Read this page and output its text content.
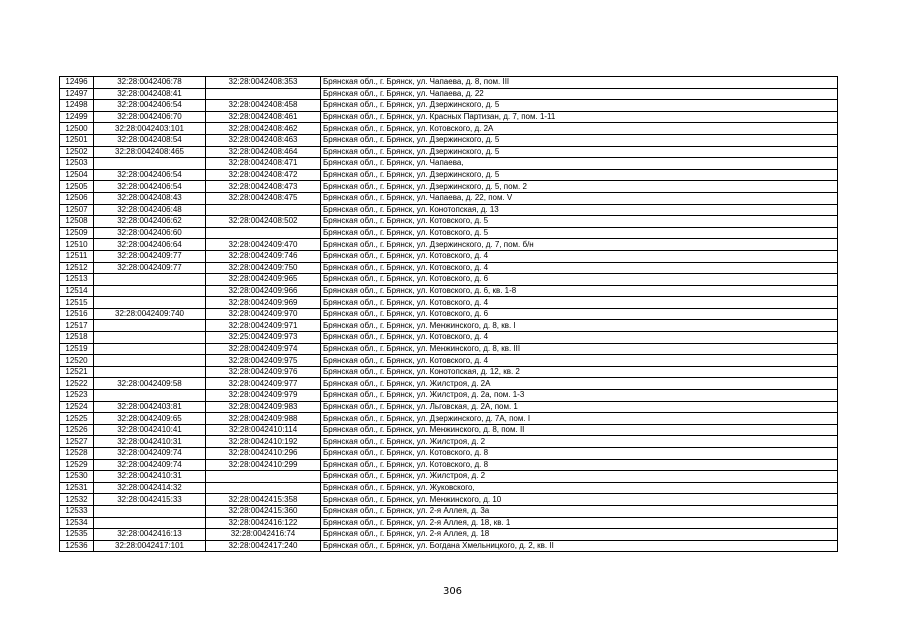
12496	32:28:0042406:78	32:28:0042408:353	Брянская обл., г. Брянск, ул. Чапаева, д. 8, пом. III
12497	32:28:0042408:41		Брянская обл., г. Брянск, ул. Чапаева, д. 22
12498	32:28:0042406:54	32:28:0042408:458	Брянская обл., г. Брянск, ул. Дзержинского, д. 5
12499	32:28:0042406:70	32:28:0042408:461	Брянская обл., г. Брянск, ул. Красных Партизан, д. 7, пом. 1-11
12500	32:28:0042403:101	32:28:0042408:462	Брянская обл., г. Брянск, ул. Котовского, д. 2А
12501	32:28:0042408:54	32:28:0042408:463	Брянская обл., г. Брянск, ул. Дзержинского, д. 5
12502	32:28:0042408:465	32:28:0042408:464	Брянская обл., г. Брянск, ул. Дзержинского, д. 5
12503		32:28:0042408:471	Брянская обл., г. Брянск, ул. Чапаева,
12504	32:28:0042406:54	32:28:0042408:472	Брянская обл., г. Брянск, ул. Дзержинского, д. 5
12505	32:28:0042406:54	32:28:0042408:473	Брянская обл., г. Брянск, ул. Дзержинского, д. 5, пом. 2
12506	32:28:0042408:43	32:28:0042408:475	Брянская обл., г. Брянск, ул. Чапаева, д. 22, пом. V
12507	32:28:0042406:48		Брянская обл., г. Брянск, ул. Конотопская, д. 13
12508	32:28:0042406:62	32:28:0042408:502	Брянская обл., г. Брянск, ул. Котовского, д. 5
12509	32:28:0042406:60		Брянская обл., г. Брянск, ул. Котовского, д. 5
12510	32:28:0042406:64	32:28:0042409:470	Брянская обл., г. Брянск, ул. Дзержинского, д. 7, пом. б/н
12511	32:28:0042409:77	32:28:0042409:746	Брянская обл., г. Брянск, ул. Котовского, д. 4
12512	32:28:0042409:77	32:28:0042409:750	Брянская обл., г. Брянск, ул. Котовского, д. 4
12513		32:28:0042409:965	Брянская обл., г. Брянск, ул. Котовского, д. 6
12514		32:28:0042409:966	Брянская обл., г. Брянск, ул. Котовского, д. 6, кв. 1-8
12515		32:28:0042409:969	Брянская обл., г. Брянск, ул. Котовского, д. 4
12516	32:28:0042409:740	32:28:0042409:970	Брянская обл., г. Брянск, ул. Котовского, д. 6
12517		32:28:0042409:971	Брянская обл., г. Брянск, ул. Менжинского, д. 8, кв. I
12518		32:25:0042409:973	Брянская обл., г. Брянск, ул. Котовского, д. 4
12519		32:28:0042409:974	Брянская обл., г. Брянск, ул. Менжинского, д. 8, кв. III
12520		32:28:0042409:975	Брянская обл., г. Брянск, ул. Котовского, д. 4
12521		32:28:0042409:976	Брянская обл., г. Брянск, ул. Конотопская, д. 12, кв. 2
12522	32:28:0042409:58	32:28:0042409:977	Брянская обл., г. Брянск, ул. Жилстроя, д. 2А
12523		32:28:0042409:979	Брянская обл., г. Брянск, ул. Жилстроя, д. 2а, пом. 1-3
12524	32:28:0042403:81	32:28:0042409:983	Брянская обл., г. Брянск, ул. Льговская, д. 2А, пом. 1
12525	32:28:0042409:65	32:28:0042409:988	Брянская обл., г. Брянск, ул. Дзержинского, д. 7А, пом. I
12526	32:28:0042410:41	32:28:0042410:114	Брянская обл., г. Брянск, ул. Менжинского, д. 8, пом. II
12527	32:28:0042410:31	32:28:0042410:192	Брянская обл., г. Брянск, ул. Жилстроя, д. 2
12528	32:28:0042409:74	32:28:0042410:296	Брянская обл., г. Брянск, ул. Котовского, д. 8
12529	32:28:0042409:74	32:28:0042410:299	Брянская обл., г. Брянск, ул. Котовского, д. 8
12530	32:28:0042410:31		Брянская обл., г. Брянск, ул. Жилстроя, д. 2
12531	32:28:0042414:32		Брянская обл., г. Брянск, ул. Жуковского,
12532	32:28:0042415:33	32:28:0042415:358	Брянская обл., г. Брянск, ул. Менжинского, д. 10
12533		32:28:0042415:360	Брянская обл., г. Брянск, ул. 2-я Аллея, д. 3а
12534		32:28:0042416:122	Брянская обл., г. Брянск, ул. 2-я Аллея, д. 18, кв. 1
12535	32:28:0042416:13	32:28:0042416:74	Брянская обл., г. Брянск, ул. 2-я Аллея, д. 18
12536	32:28:0042417:101	32:28:0042417:240	Брянская обл., г. Брянск, ул. Богдана Хмельницкого, д. 2, кв. II
306
